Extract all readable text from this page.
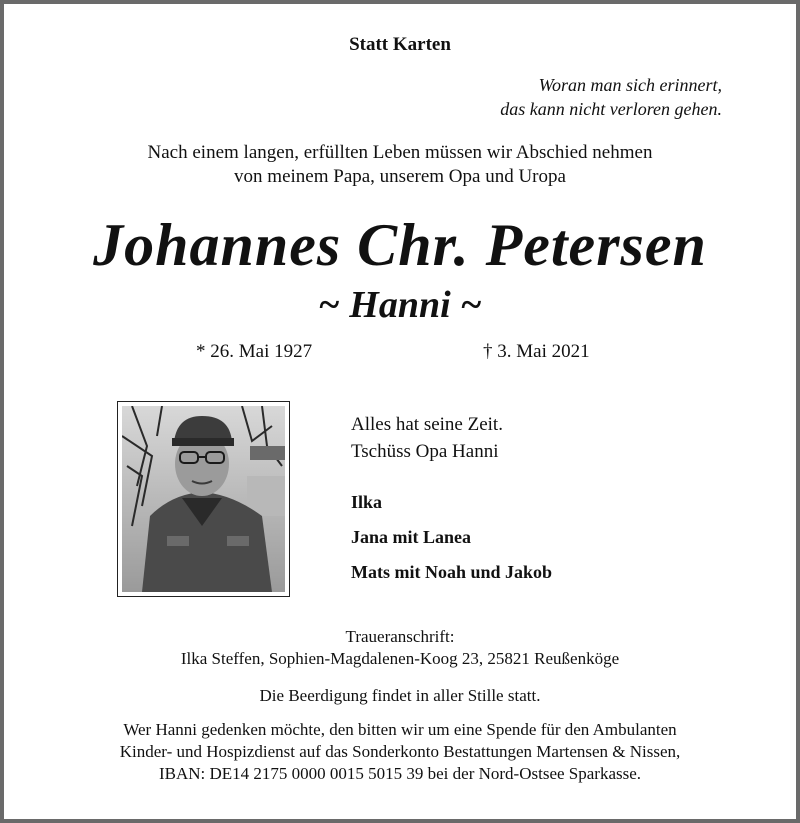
Statt Karten
Woran man sich erinnert,
das kann nicht verloren gehen.
Nach einem langen, erfüllten Leben müssen wir Abschied nehmen
von meinem Papa, unserem Opa und Uropa
Johannes Chr. Petersen
~ Hanni ~
* 26. Mai 1927	† 3. Mai 2021
Alles hat seine Zeit.
Tschüss Opa Hanni
Ilka
Jana mit Lanea
Mats mit Noah und Jakob
Traueranschrift:
Ilka Steffen, Sophien-Magdalenen-Koog 23, 25821 Reußenköge
Die Beerdigung findet in aller Stille statt.
Wer Hanni gedenken möchte, den bitten wir um eine Spende für den Ambulanten
Kinder- und Hospizdienst auf das Sonderkonto Bestattungen Martensen & Nissen,
IBAN: DE14 2175 0000 0015 5015 39 bei der Nord-Ostsee Sparkasse.
